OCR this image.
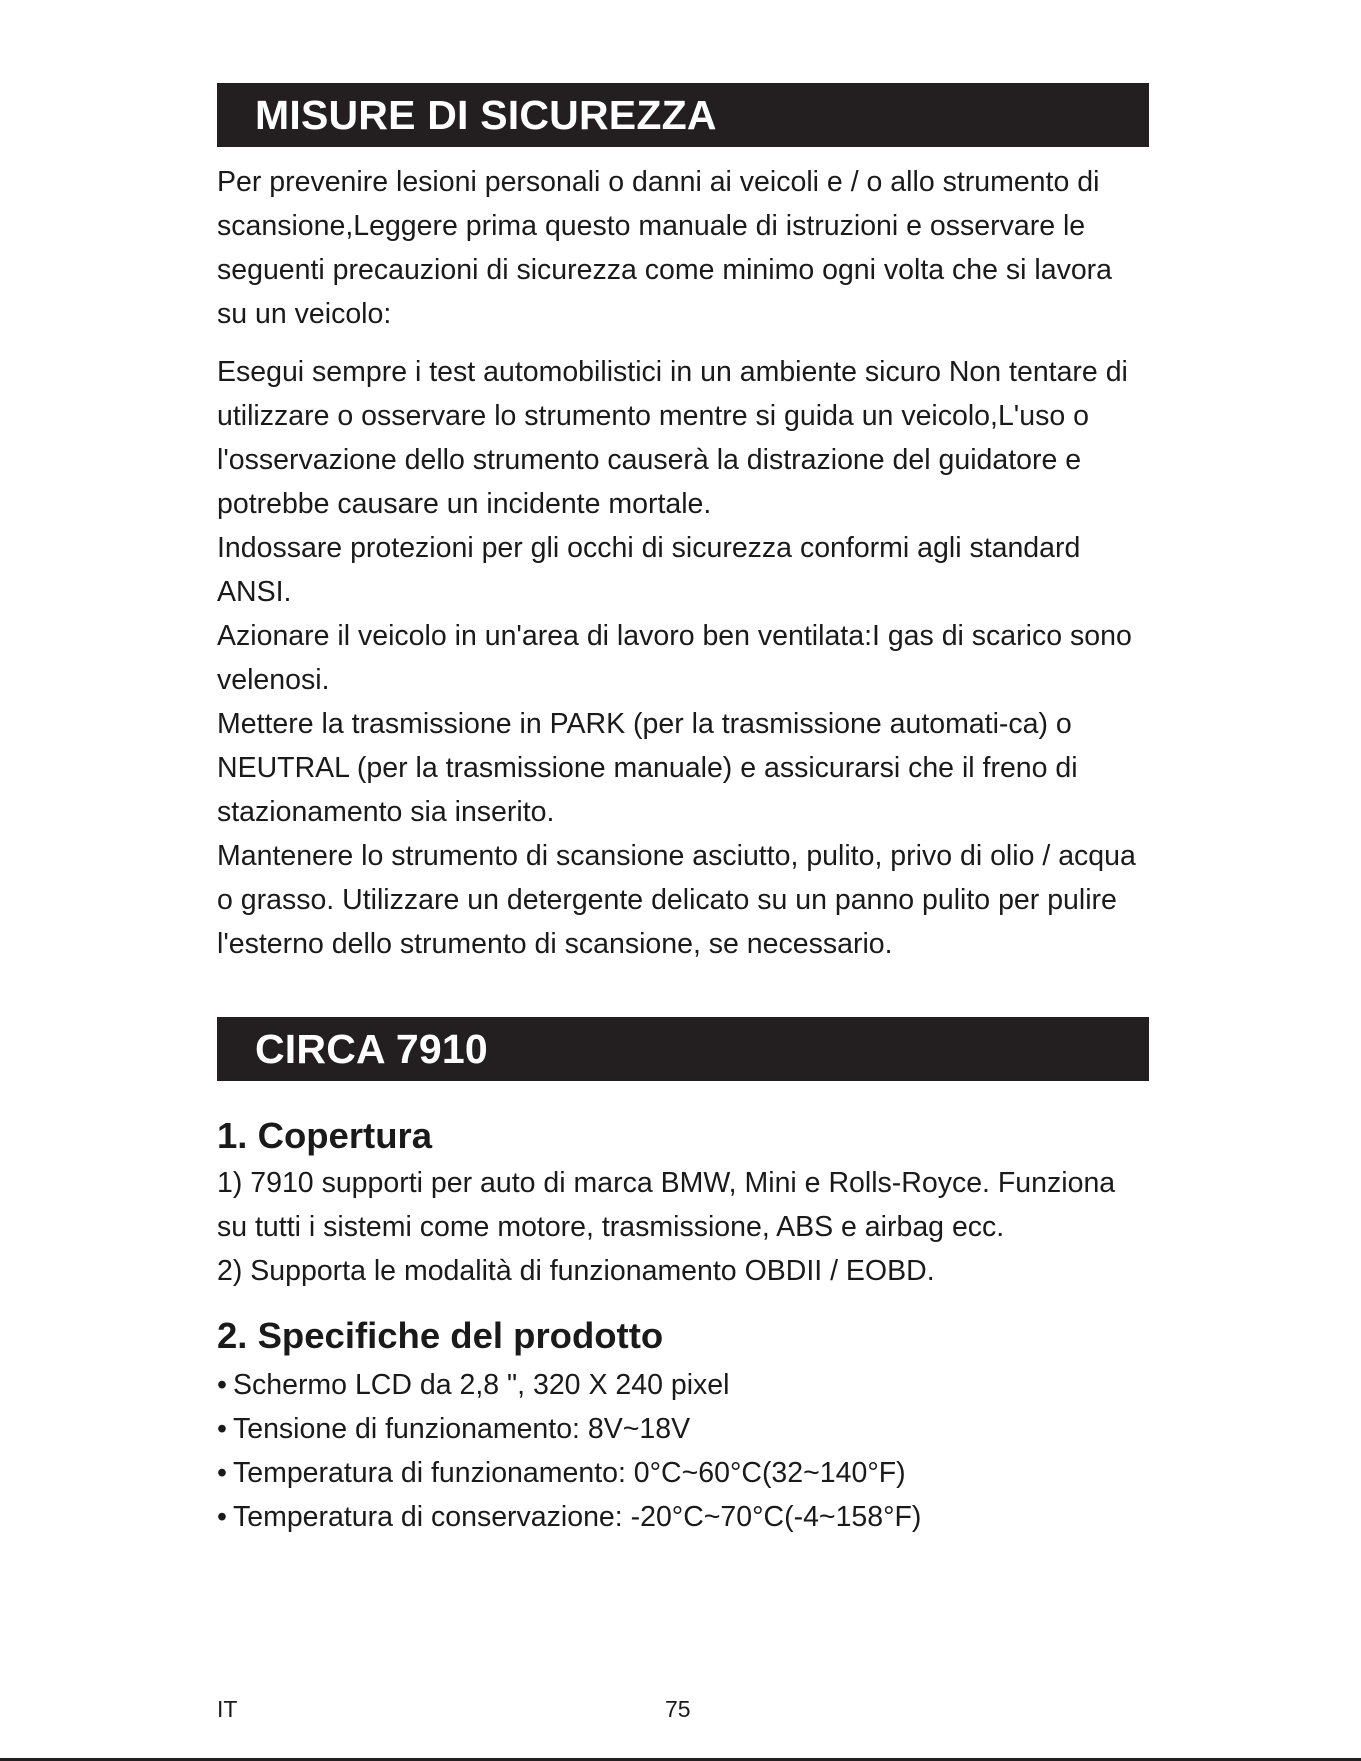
MISURE DI SICUREZZA

Per prevenire lesioni personali o danni ai veicoli e / o allo strumento di scansione,Leggere prima questo manuale di istruzioni e osservare le seguenti precauzioni di sicurezza come minimo ogni volta che si lavora su un veicolo:

Esegui sempre i test automobilistici in un ambiente sicuro Non tentare di utilizzare o osservare lo strumento mentre si guida un veicolo,L'uso o l'osservazione dello strumento causerà la distrazione del guidatore e potrebbe causare un incidente mortale.

Indossare protezioni per gli occhi di sicurezza conformi agli standard ANSI.

Azionare il veicolo in un'area di lavoro ben ventilata:I gas di scarico sono velenosi.

Mettere la trasmissione in PARK (per la trasmissione automati-ca) o NEUTRAL (per la trasmissione manuale) e assicurarsi che il freno di stazionamento sia inserito.

Mantenere lo strumento di scansione asciutto, pulito, privo di olio / acqua o grasso. Utilizzare un detergente delicato su un panno pulito per pulire l'esterno dello strumento di scansione, se necessario.

CIRCA 7910
1. Copertura

1) 7910 supporti per auto di marca BMW, Mini e Rolls-Royce. Funziona su tutti i sistemi come motore, trasmissione, ABS e airbag ecc.

2) Supporta le modalità di funzionamento OBDII / EOBD.

2. Specifiche del prodotto
• Schermo LCD da 2,8 ", 320 X 240 pixel
• Tensione di funzionamento: 8V~18V
• Temperatura di funzionamento: 0°C~60°C(32~140°F)
• Temperatura di conservazione: -20°C~70°C(-4~158°F)
IT	75
